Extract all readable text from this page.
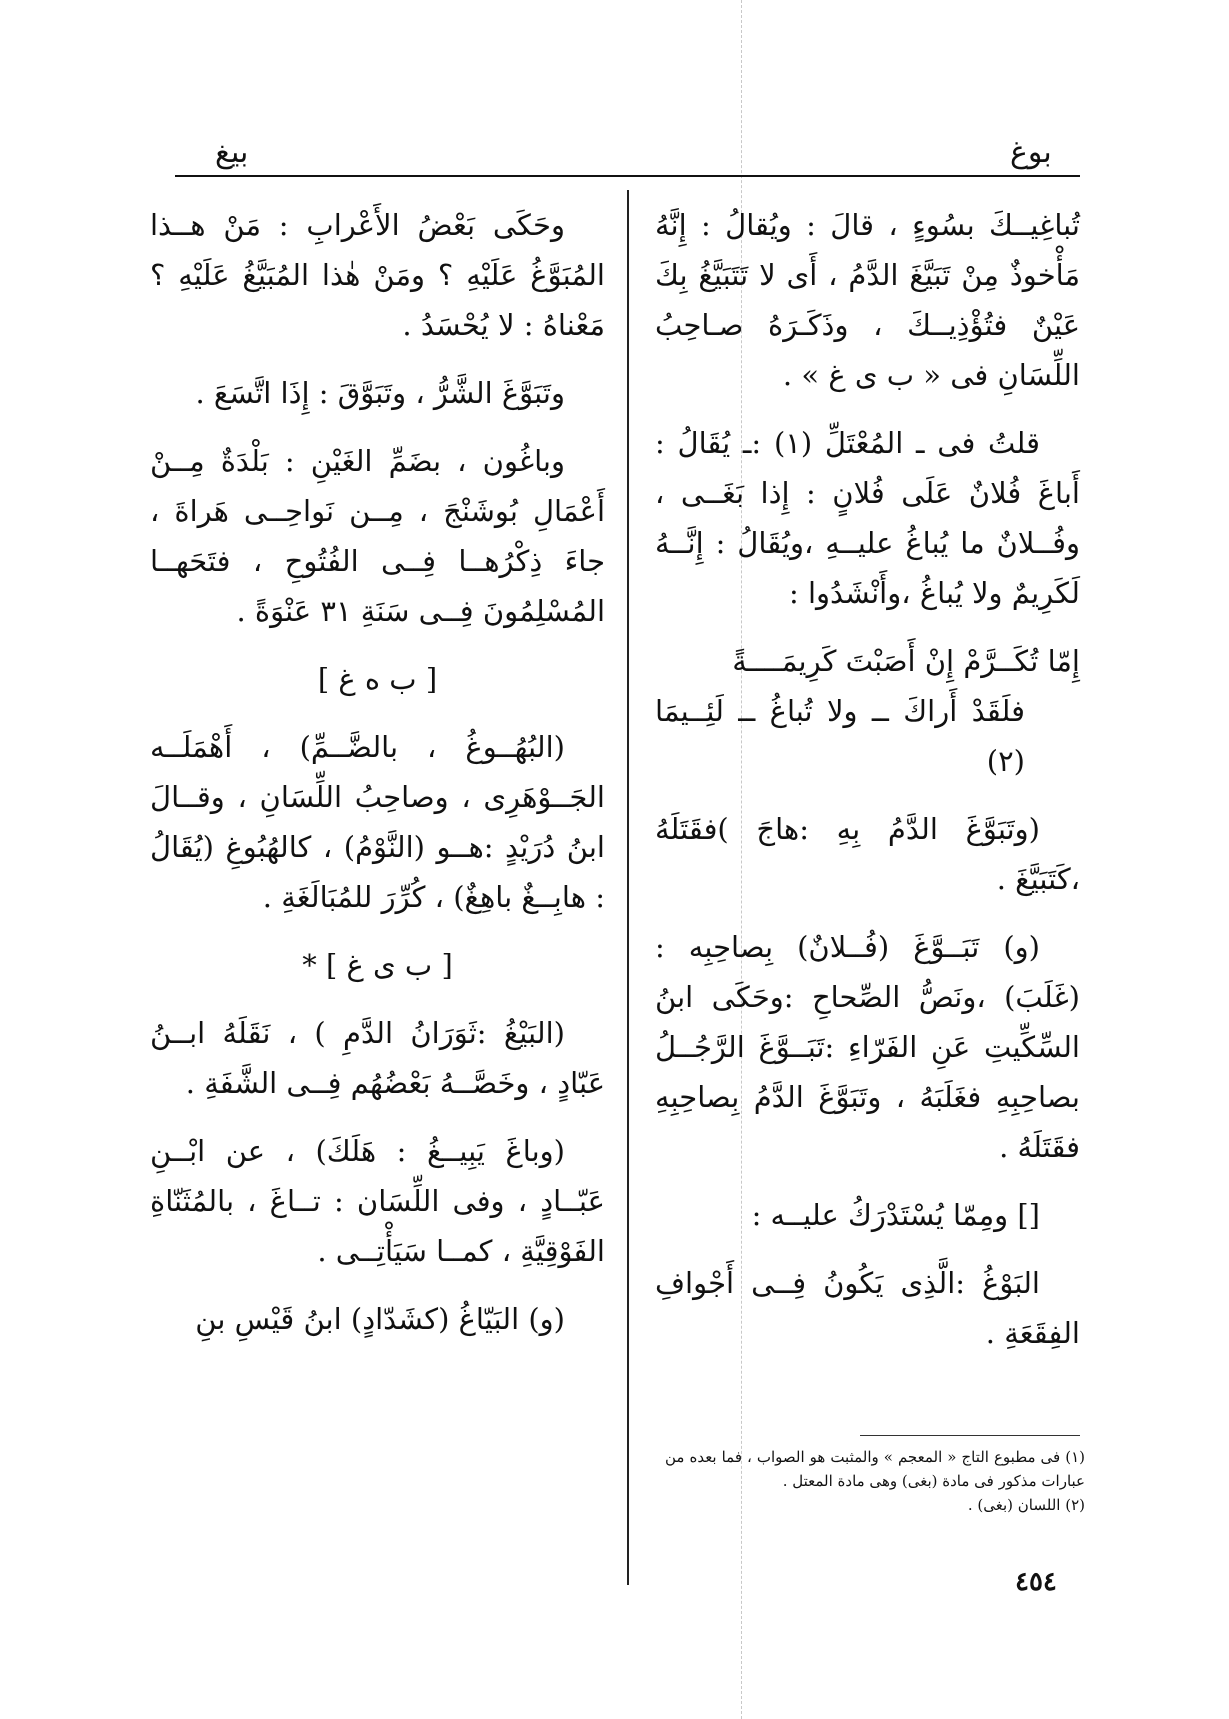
بوغ
بيغ

تُباغِيــكَ بسُوءٍ ، قالَ : ويُقالُ : إِنَّهُ مَأْخوذٌ مِنْ تَبَيَّغَ الدَّمُ ، أَى لا تَتَبَيَّغُ بِكَ عَيْنٌ فتُؤْذِيــكَ ، وذَكَـرَهُ صـاحِبُ اللِّسَانِ فى « ب ى غ » .

قلتُ فى ـ المُعْتَلِّ (١) :ـ يُقَالُ : أَباغَ فُلانٌ عَلَى فُلانٍ : إِذا بَغَــى ، وفُــلانٌ ما يُباغُ عليــهِ ،ويُقَالُ : إِنَّــهُ لَكَرِيمٌ ولا يُباغُ ،وأَنْشَدُوا :

إِمّا تُكَــرَّمْ إِنْ أَصَبْتَ كَرِيمَــــةً
فلَقَدْ أَراكَ ــ ولا تُباغُ ــ لَئِــيمَا (٢)

(وتَبَوَّغَ الدَّمُ بِهِ :هاجَ )فقَتَلَهُ ،كَتَبَيَّغَ .

(و) تَبَــوَّغَ (فُــلانٌ) بِصاحِبِه : (غَلَبَ) ،ونَصُّ الصِّحاحِ :وحَكَى ابنُ السِّكِّيتِ عَنِ الفَرّاءِ :تَبَــوَّغَ الرَّجُــلُ بصاحِبِهِ فغَلَبَهُ ، وتَبَوَّغَ الدَّمُ بِصاحِبِهِ فقَتَلَهُ .

[] ومِمّا يُسْتَدْرَكُ عليــه :

البَوْغُ :الَّذِى يَكُونُ فِــى أَجْوافِ الفِقَعَةِ .

وحَكَى بَعْضُ الأَعْرابِ : مَنْ هــذا المُبَوَّغُ عَلَيْهِ ؟ ومَنْ هٰذا المُبَيَّغُ عَلَيْهِ ؟ مَعْناهُ : لا يُحْسَدُ .

وتَبَوَّغَ الشَّرُّ ، وتَبَوَّقَ : إِذَا اتَّسَعَ .

وباغُون ، بضَمِّ الغَيْنِ : بَلْدَةٌ مِــنْ أَعْمَالِ بُوشَنْجَ ، مِــن نَواحِــى هَراةَ ، جاءَ ذِكْرُهــا فِــى الفُتُوحِ ، فتَحَهــا المُسْلِمُونَ فِــى سَنَةِ ٣١ عَنْوَةً .

[ ب ه غ ]

(البُهُــوغُ ، بالضَّــمِّ) ، أَهْمَلَــه الجَــوْهَرِى ، وصاحِبُ اللِّسَانِ ، وقــالَ ابنُ دُرَيْدٍ :هــو (النَّوْمُ) ، كالهُبُوغِ (يُقَالُ : هابِــغٌ باهِغٌ) ، كُرِّرَ للمُبَالَغَةِ .

[ ب ى غ ] *

(البَيْغُ :ثَوَرَانُ الدَّمِ ) ، نَقَلَهُ ابــنُ عَبّادٍ ، وخَصَّــهُ بَعْضُهُم فِــى الشَّفَةِ .

(وباغَ يَبِيــغُ : هَلَكَ) ، عن ابْــنِ عَبّــادٍ ، وفى اللِّسَان : تــاغَ ، بالمُثَنّاةِ الفَوْقِيَّةِ ، كمــا سَيَأْتِــى .

(و) البَيّاغُ (كشَدّادٍ) ابنُ قَيْسِ بنِ

(١) فى مطبوع التاج « المعجم » والمثبت هو الصواب ، فما بعده من عبارات مذكور فى مادة (بغى) وهى مادة المعتل .
(٢) اللسان (بغى) .
٤٥٤
